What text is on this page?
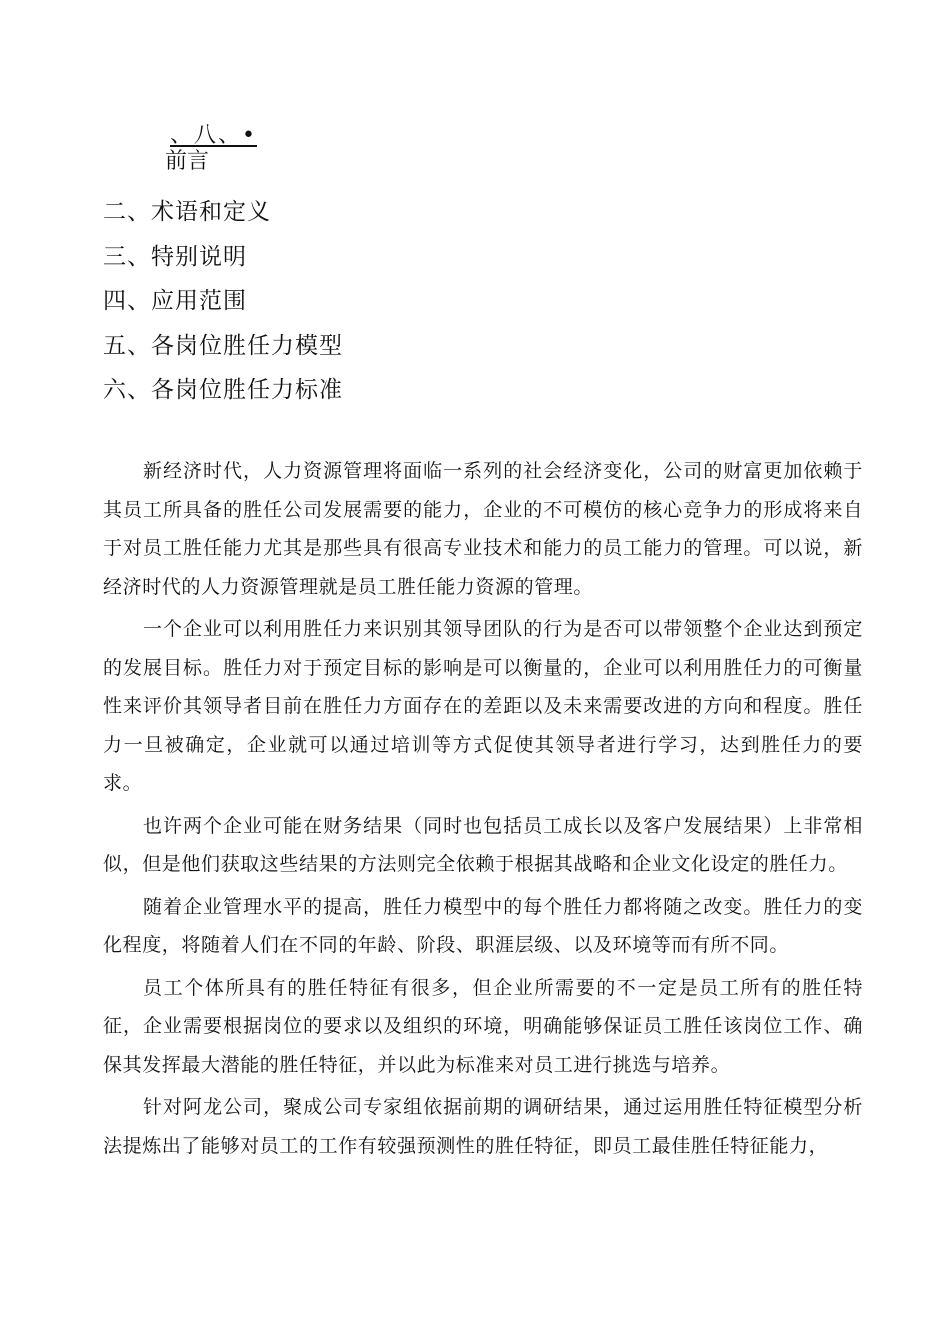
、八、•
前言
二、术语和定义
三、特别说明
四、应用范围
五、各岗位胜任力模型
六、各岗位胜任力标准

新经济时代，人力资源管理将面临一系列的社会经济变化，公司的财富更加依赖于其员工所具备的胜任公司发展需要的能力，企业的不可模仿的核心竞争力的形成将来自于对员工胜任能力尤其是那些具有很高专业技术和能力的员工能力的管理。可以说，新经济时代的人力资源管理就是员工胜任能力资源的管理。

一个企业可以利用胜任力来识别其领导团队的行为是否可以带领整个企业达到预定的发展目标。胜任力对于预定目标的影响是可以衡量的，企业可以利用胜任力的可衡量性来评价其领导者目前在胜任力方面存在的差距以及未来需要改进的方向和程度。胜任力一旦被确定，企业就可以通过培训等方式促使其领导者进行学习，达到胜任力的要求。

也许两个企业可能在财务结果（同时也包括员工成长以及客户发展结果）上非常相似，但是他们获取这些结果的方法则完全依赖于根据其战略和企业文化设定的胜任力。

随着企业管理水平的提高，胜任力模型中的每个胜任力都将随之改变。胜任力的变化程度，将随着人们在不同的年龄、阶段、职涯层级、以及环境等而有所不同。

员工个体所具有的胜任特征有很多，但企业所需要的不一定是员工所有的胜任特征，企业需要根据岗位的要求以及组织的环境，明确能够保证员工胜任该岗位工作、确保其发挥最大潜能的胜任特征，并以此为标准来对员工进行挑选与培养。

针对阿龙公司，聚成公司专家组依据前期的调研结果，通过运用胜任特征模型分析法提炼出了能够对员工的工作有较强预测性的胜任特征，即员工最佳胜任特征能力，
